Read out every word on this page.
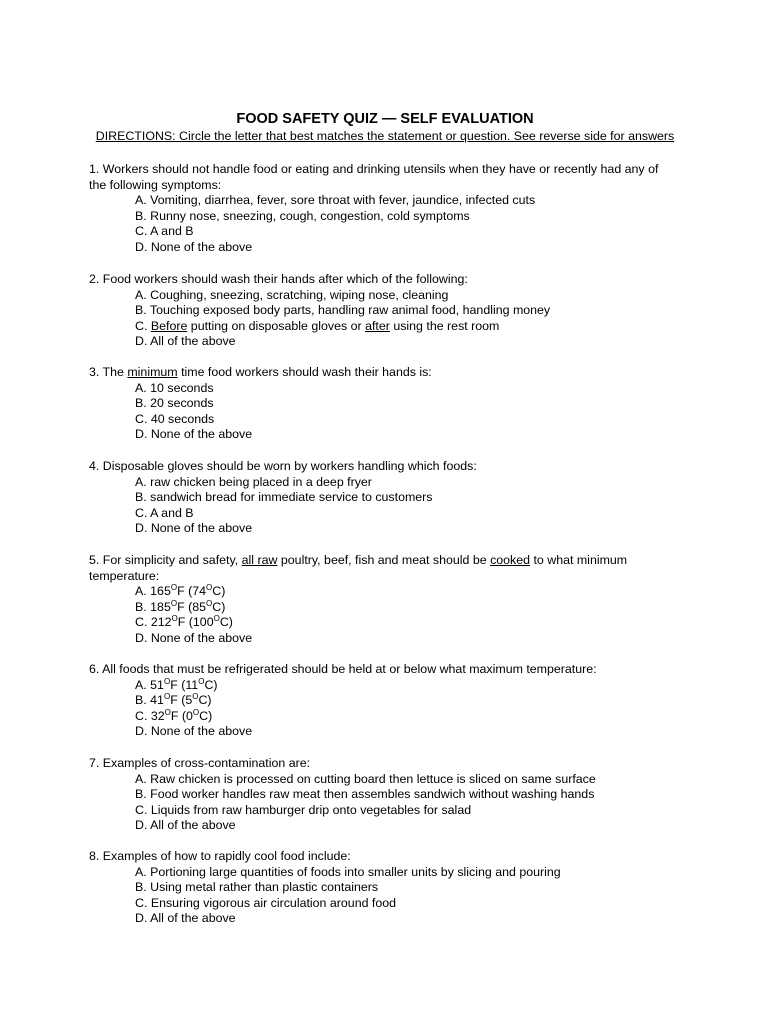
FOOD SAFETY QUIZ — SELF EVALUATION
DIRECTIONS: Circle the letter that best matches the statement or question. See reverse side for answers

1. Workers should not handle food or eating and drinking utensils when they have or recently had any of

the following symptoms:

A. Vomiting, diarrhea, fever, sore throat with fever, jaundice, infected cuts

B. Runny nose, sneezing, cough, congestion, cold symptoms

C. A and B

D. None of the above

2. Food workers should wash their hands after which of the following:

A. Coughing, sneezing, scratching, wiping nose, cleaning

B. Touching exposed body parts, handling raw animal food, handling money

C. Before putting on disposable gloves or after using the rest room

D. All of the above

3. The minimum time food workers should wash their hands is:

A. 10 seconds

B. 20 seconds

C. 40 seconds

D. None of the above

4. Disposable gloves should be worn by workers handling which foods:

A. raw chicken being placed in a deep fryer

B. sandwich bread for immediate service to customers

C. A and B

D. None of the above

5. For simplicity and safety, all raw poultry, beef, fish and meat should be cooked to what minimum

temperature:

A. $165^OF$ $(74^OC)$

B. $185^OF$ $(85^OC)$

C. $212^OF$ $(100^OC)$

D. None of the above

6. All foods that must be refrigerated should be held at or below what maximum temperature:

A. $51^OF$ $(11^OC)$

B. $41^OF$ $(5^OC)$

C. $32^OF$ $(0^OC)$

D. None of the above

7. Examples of cross-contamination are:

A. Raw chicken is processed on cutting board then lettuce is sliced on same surface

B. Food worker handles raw meat then assembles sandwich without washing hands

C. Liquids from raw hamburger drip onto vegetables for salad

D. All of the above

8. Examples of how to rapidly cool food include:

A. Portioning large quantities of foods into smaller units by slicing and pouring

B. Using metal rather than plastic containers

C. Ensuring vigorous air circulation around food

D. All of the above
